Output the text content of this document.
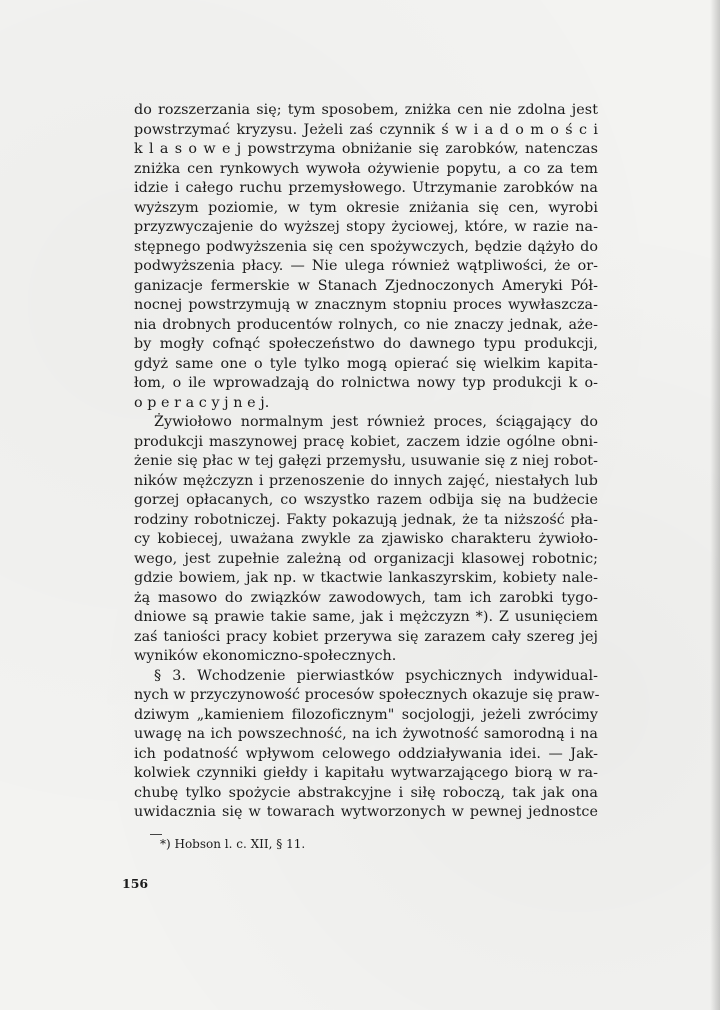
do rozszerzania się; tym sposobem, zniżka cen nie zdolna jest
powstrzymać kryzysu. Jeżeli zaś czynnik ś w i a d o m o ś c i
k l a s o w e j powstrzyma obniżanie się zarobków, natenczas
zniżka cen rynkowych wywoła ożywienie popytu, a co za tem
idzie i całego ruchu przemysłowego. Utrzymanie zarobków na
wyższym poziomie, w tym okresie zniżania się cen, wyrobi
przyzwyczajenie do wyższej stopy życiowej, które, w razie na-
stępnego podwyższenia się cen spożywczych, będzie dążyło do
podwyższenia płacy. — Nie ulega również wątpliwości, że or-
ganizacje fermerskie w Stanach Zjednoczonych Ameryki Pół-
nocnej powstrzymują w znacznym stopniu proces wywłaszcza-
nia drobnych producentów rolnych, co nie znaczy jednak, aże-
by mogły cofnąć społeczeństwo do dawnego typu produkcji,
gdyż same one o tyle tylko mogą opierać się wielkim kapita-
łom, o ile wprowadzają do rolnictwa nowy typ produkcji k o-
o p e r a c y j n e j.
Żywiołowo normalnym jest również proces, ściągający do
produkcji maszynowej pracę kobiet, zaczem idzie ogólne obni-
żenie się płac w tej gałęzi przemysłu, usuwanie się z niej robot-
ników mężczyzn i przenoszenie do innych zajęć, niestałych lub
gorzej opłacanych, co wszystko razem odbija się na budżecie
rodziny robotniczej. Fakty pokazują jednak, że ta niższość pła-
cy kobiecej, uważana zwykle za zjawisko charakteru żywioło-
wego, jest zupełnie zależną od organizacji klasowej robotnic;
gdzie bowiem, jak np. w tkactwie lankaszyrskim, kobiety nale-
żą masowo do związków zawodowych, tam ich zarobki tygo-
dniowe są prawie takie same, jak i mężczyzn *). Z usunięciem
zaś taniości pracy kobiet przerywa się zarazem cały szereg jej
wyników ekonomiczno-społecznych.
§ 3. Wchodzenie pierwiastków psychicznych indywidual-
nych w przyczynowość procesów społecznych okazuje się praw-
dziwym „kamieniem filozoficznym" socjologji, jeżeli zwrócimy
uwagę na ich powszechność, na ich żywotność samorodną i na
ich podatność wpływom celowego oddziaływania idei. — Jak-
kolwiek czynniki giełdy i kapitału wytwarzającego biorą w ra-
chubę tylko spożycie abstrakcyjne i siłę roboczą, tak jak ona
uwidacznia się w towarach wytworzonych w pewnej jednostce
*) Hobson l. c. XII, § 11.
156
